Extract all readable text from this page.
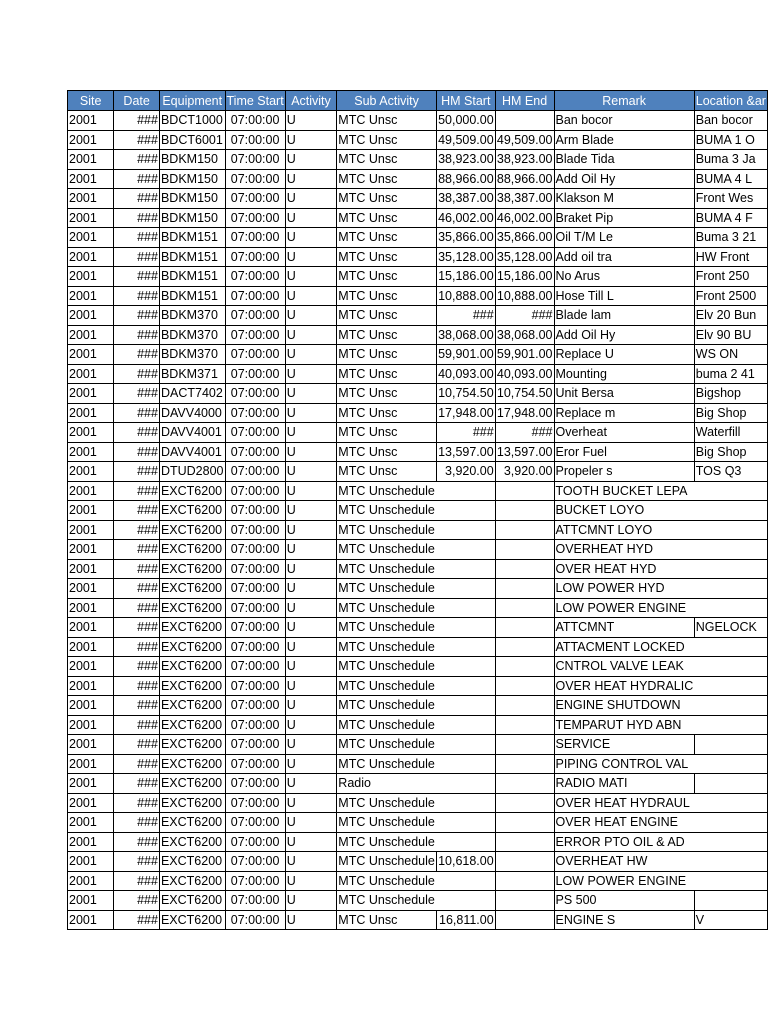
Site	Date	Equipment	Time Start	Activity	Sub Activity	HM Start	HM End	Remark	Location &ar
2001	###	BDCT1000	07:00:00	U	MTC Unsc	50,000.00		Ban bocor	Ban bocor
2001	###	BDCT6001	07:00:00	U	MTC Unsc	49,509.00	49,509.00	Arm Blade	BUMA 1 O
2001	###	BDKM150	07:00:00	U	MTC Unsc	38,923.00	38,923.00	Blade Tida	Buma 3 Ja
2001	###	BDKM150	07:00:00	U	MTC Unsc	88,966.00	88,966.00	Add Oil Hy	BUMA 4 L
2001	###	BDKM150	07:00:00	U	MTC Unsc	38,387.00	38,387.00	Klakson M	Front Wes
2001	###	BDKM150	07:00:00	U	MTC Unsc	46,002.00	46,002.00	Braket Pip	BUMA 4 F
2001	###	BDKM151	07:00:00	U	MTC Unsc	35,866.00	35,866.00	Oil T/M Le	Buma 3 21
2001	###	BDKM151	07:00:00	U	MTC Unsc	35,128.00	35,128.00	Add oil tra	HW Front
2001	###	BDKM151	07:00:00	U	MTC Unsc	15,186.00	15,186.00	No Arus	Front 250
2001	###	BDKM151	07:00:00	U	MTC Unsc	10,888.00	10,888.00	Hose Till L	Front 2500
2001	###	BDKM370	07:00:00	U	MTC Unsc	###	###	Blade lam	Elv 20 Bun
2001	###	BDKM370	07:00:00	U	MTC Unsc	38,068.00	38,068.00	Add Oil Hy	Elv 90 BU
2001	###	BDKM370	07:00:00	U	MTC Unsc	59,901.00	59,901.00	Replace U	WS ON
2001	###	BDKM371	07:00:00	U	MTC Unsc	40,093.00	40,093.00	Mounting	buma 2 41
2001	###	DACT7402	07:00:00	U	MTC Unsc	10,754.50	10,754.50	Unit Bersa	Bigshop
2001	###	DAVV4000	07:00:00	U	MTC Unsc	17,948.00	17,948.00	Replace m	Big Shop
2001	###	DAVV4001	07:00:00	U	MTC Unsc	###	###	Overheat	Waterfill
2001	###	DAVV4001	07:00:00	U	MTC Unsc	13,597.00	13,597.00	Eror Fuel	Big Shop
2001	###	DTUD2800	07:00:00	U	MTC Unsc	3,920.00	3,920.00	Propeler s	TOS Q3
2001	###	EXCT6200	07:00:00	U	MTC Unschedule			TOOTH BUCKET LEPA	
2001	###	EXCT6200	07:00:00	U	MTC Unschedule			BUCKET LOYO	
2001	###	EXCT6200	07:00:00	U	MTC Unschedule			ATTCMNT LOYO	
2001	###	EXCT6200	07:00:00	U	MTC Unschedule			OVERHEAT HYD	
2001	###	EXCT6200	07:00:00	U	MTC Unschedule			OVER HEAT HYD	
2001	###	EXCT6200	07:00:00	U	MTC Unschedule			LOW POWER HYD	
2001	###	EXCT6200	07:00:00	U	MTC Unschedule			LOW POWER ENGINE	
2001	###	EXCT6200	07:00:00	U	MTC Unschedule			ATTCMNT	NGELOCK
2001	###	EXCT6200	07:00:00	U	MTC Unschedule			ATTACMENT LOCKED	
2001	###	EXCT6200	07:00:00	U	MTC Unschedule			CNTROL VALVE LEAK	
2001	###	EXCT6200	07:00:00	U	MTC Unschedule			OVER HEAT HYDRALIC	
2001	###	EXCT6200	07:00:00	U	MTC Unschedule			ENGINE SHUTDOWN	
2001	###	EXCT6200	07:00:00	U	MTC Unschedule			TEMPARUT HYD ABN	
2001	###	EXCT6200	07:00:00	U	MTC Unschedule			SERVICE	
2001	###	EXCT6200	07:00:00	U	MTC Unschedule			PIPING CONTROL VAL	
2001	###	EXCT6200	07:00:00	U	Radio			RADIO MATI	
2001	###	EXCT6200	07:00:00	U	MTC Unschedule			OVER HEAT HYDRAUL	
2001	###	EXCT6200	07:00:00	U	MTC Unschedule			OVER HEAT ENGINE	
2001	###	EXCT6200	07:00:00	U	MTC Unschedule			ERROR PTO OIL & AD	
2001	###	EXCT6200	07:00:00	U	MTC Unschedule	10,618.00		OVERHEAT HW	
2001	###	EXCT6200	07:00:00	U	MTC Unschedule			LOW POWER ENGINE	
2001	###	EXCT6200	07:00:00	U	MTC Unschedule			PS 500	
2001	###	EXCT6200	07:00:00	U	MTC Unsc	16,811.00		ENGINE S	V
